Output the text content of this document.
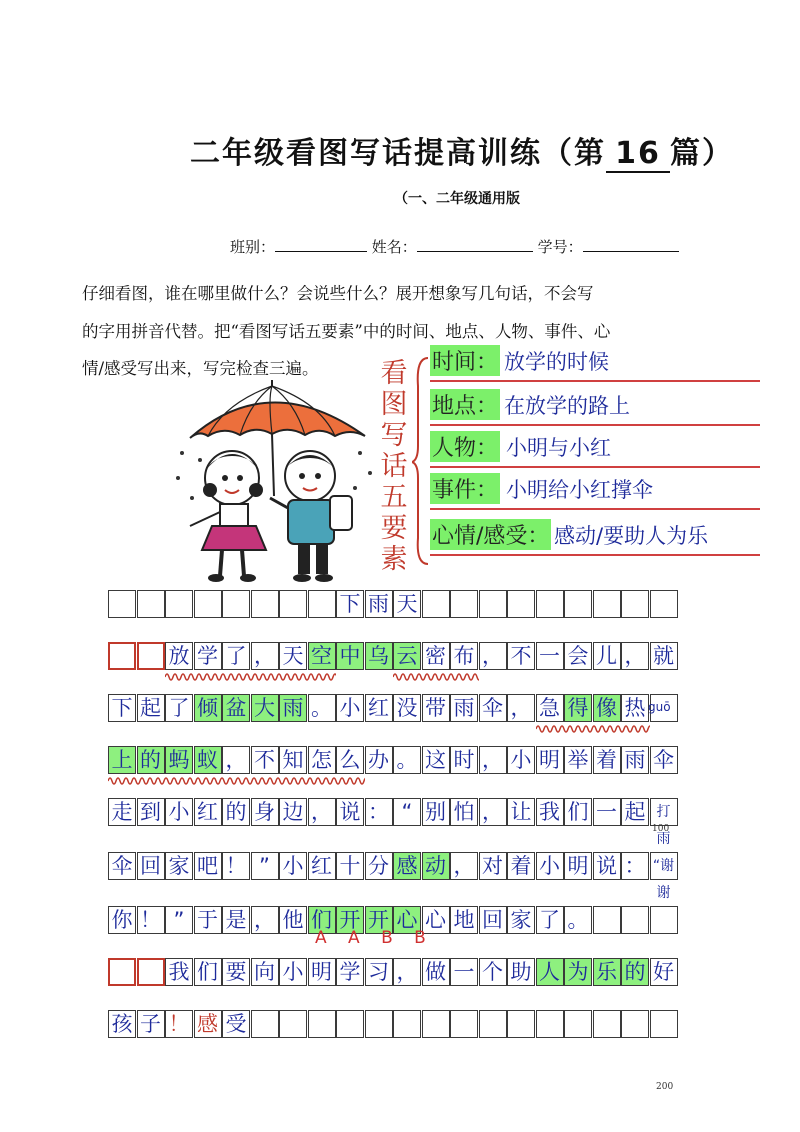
二年级看图写话提高训练（第 16 篇）
（一、二年级通用版
班别：	姓名：	学号：
仔细看图，谁在哪里做什么？会说些什么？展开想象写几句话，不会写
的字用拼音代替。把“看图写话五要素”中的时间、地点、人物、事件、心
情/感受写出来，写完检查三遍。 看图写话五要素
时间： 放学的时候
地点： 在放学的路上
人物： 小明与小红
事件： 小明给小红撑伞
心情/感受： 感动/要助人为乐
下 雨 天
放 学 了 ， 天 空 中 乌 云 密 布 ， 不 一 会 儿 ， 就
下 起 了 倾 盆 大 雨 。 小 红 没 带 雨 伞 ， 急 得 像 热
上 的 蚂 蚁 ， 不 知 怎 么 办 。 这 时 ， 小 明 举 着 雨 伞
走 到 小 红 的 身 边 ， 说 ： “ 别 怕 ， 让 我 们 一 起 打雨
伞 回 家 吧 ！ ” 小 红 十 分 感 动 ， 对 着 小 明 说 ： “谢谢
你 ！ ” 于 是 ， 他 们 开 开 心 心 地 回 家 了 。
我 们 要 向 小 明 学 习 ， 做 一 个 助 人 为 乐 的 好
孩 子 ！ 感 受
guō
A A B B
100
200
